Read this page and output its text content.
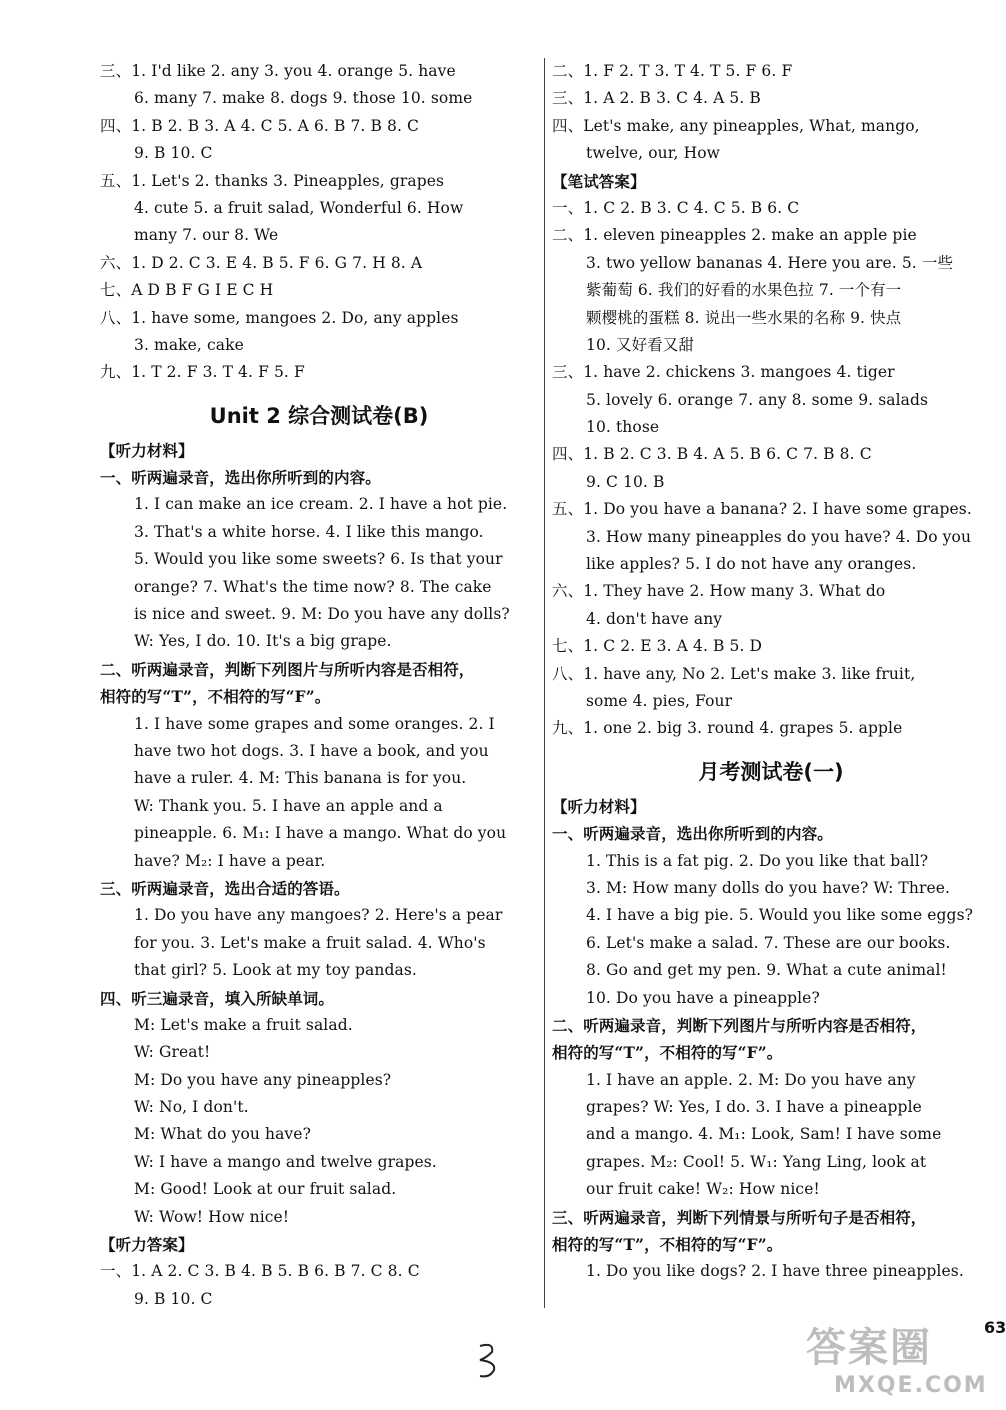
三、1. I'd like 2. any 3. you 4. orange 5. have
6. many 7. make 8. dogs 9. those 10. some
四、1. B 2. B 3. A 4. C 5. A 6. B 7. B 8. C
9. B 10. C
五、1. Let's 2. thanks 3. Pineapples, grapes
4. cute 5. a fruit salad, Wonderful 6. How
many 7. our 8. We
六、1. D 2. C 3. E 4. B 5. F 6. G 7. H 8. A
七、A D B F G I E C H
八、1. have some, mangoes 2. Do, any apples
3. make, cake
九、1. T 2. F 3. T 4. F 5. F
Unit 2 综合测试卷(B)
【听力材料】
一、听两遍录音，选出你所听到的内容。
1. I can make an ice cream. 2. I have a hot pie.
3. That's a white horse. 4. I like this mango.
5. Would you like some sweets? 6. Is that your
orange? 7. What's the time now? 8. The cake
is nice and sweet. 9. M: Do you have any dolls?
W: Yes, I do. 10. It's a big grape.
二、听两遍录音，判断下列图片与所听内容是否相符，
相符的写“T”，不相符的写“F”。
1. I have some grapes and some oranges. 2. I
have two hot dogs. 3. I have a book, and you
have a ruler. 4. M: This banana is for you.
W: Thank you. 5. I have an apple and a
pineapple. 6. M₁: I have a mango. What do you
have? M₂: I have a pear.
三、听两遍录音，选出合适的答语。
1. Do you have any mangoes? 2. Here's a pear
for you. 3. Let's make a fruit salad. 4. Who's
that girl? 5. Look at my toy pandas.
四、听三遍录音，填入所缺单词。
M: Let's make a fruit salad.
W: Great!
M: Do you have any pineapples?
W: No, I don't.
M: What do you have?
W: I have a mango and twelve grapes.
M: Good! Look at our fruit salad.
W: Wow! How nice!
【听力答案】
一、1. A 2. C 3. B 4. B 5. B 6. B 7. C 8. C
9. B 10. C
二、1. F 2. T 3. T 4. T 5. F 6. F
三、1. A 2. B 3. C 4. A 5. B
四、Let's make, any pineapples, What, mango,
twelve, our, How
【笔试答案】
一、1. C 2. B 3. C 4. C 5. B 6. C
二、1. eleven pineapples 2. make an apple pie
3. two yellow bananas 4. Here you are. 5. 一些
紫葡萄 6. 我们的好看的水果色拉 7. 一个有一
颗樱桃的蛋糕 8. 说出一些水果的名称 9. 快点
10. 又好看又甜
三、1. have 2. chickens 3. mangoes 4. tiger
5. lovely 6. orange 7. any 8. some 9. salads
10. those
四、1. B 2. C 3. B 4. A 5. B 6. C 7. B 8. C
9. C 10. B
五、1. Do you have a banana? 2. I have some grapes.
3. How many pineapples do you have? 4. Do you
like apples? 5. I do not have any oranges.
六、1. They have 2. How many 3. What do
4. don't have any
七、1. C 2. E 3. A 4. B 5. D
八、1. have any, No 2. Let's make 3. like fruit,
some 4. pies, Four
九、1. one 2. big 3. round 4. grapes 5. apple
月考测试卷(一)
【听力材料】
一、听两遍录音，选出你所听到的内容。
1. This is a fat pig. 2. Do you like that ball?
3. M: How many dolls do you have? W: Three.
4. I have a big pie. 5. Would you like some eggs?
6. Let's make a salad. 7. These are our books.
8. Go and get my pen. 9. What a cute animal!
10. Do you have a pineapple?
二、听两遍录音，判断下列图片与所听内容是否相符，
相符的写“T”，不相符的写“F”。
1. I have an apple. 2. M: Do you have any
grapes? W: Yes, I do. 3. I have a pineapple
and a mango. 4. M₁: Look, Sam! I have some
grapes. M₂: Cool! 5. W₁: Yang Ling, look at
our fruit cake! W₂: How nice!
三、听两遍录音，判断下列情景与所听句子是否相符，
相符的写“T”，不相符的写“F”。
1. Do you like dogs? 2. I have three pineapples.
63
答案圈
MXQE.COM
